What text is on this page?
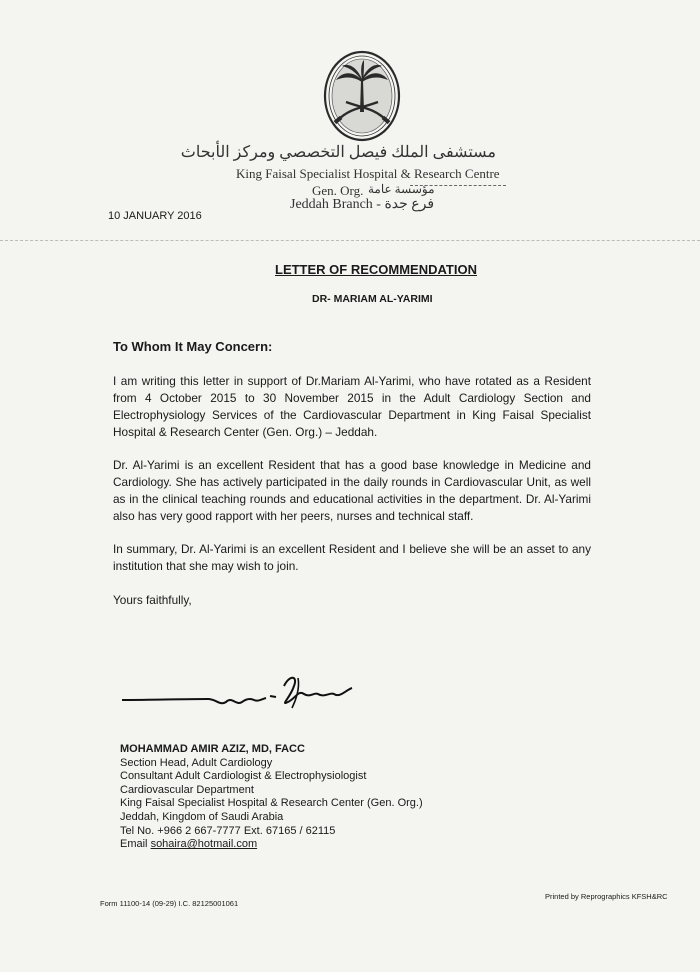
مستشفى الملك فيصل التخصصي ومركز الأبحاث
King Faisal Specialist Hospital & Research Centre
Gen. Org. مؤسسة عامة
Jeddah Branch - فرع جدة
10 JANUARY 2016
LETTER OF RECOMMENDATION
DR- MARIAM AL-YARIMI
To Whom It May Concern:
I am writing this letter in support of Dr.Mariam Al-Yarimi, who have rotated as a Resident from 4 October 2015 to 30 November 2015 in the Adult Cardiology Section and Electrophysiology Services of the Cardiovascular Department in King Faisal Specialist Hospital & Research Center (Gen. Org.) – Jeddah.
Dr. Al-Yarimi is an excellent Resident that has a good base knowledge in Medicine and Cardiology. She has actively participated in the daily rounds in Cardiovascular Unit, as well as in the clinical teaching rounds and educational activities in the department. Dr. Al-Yarimi also has very good rapport with her peers, nurses and technical staff.
In summary, Dr. Al-Yarimi is an excellent Resident and I believe she will be an asset to any institution that she may wish to join.
Yours faithfully,
MOHAMMAD AMIR AZIZ, MD, FACC
Section Head, Adult Cardiology
Consultant Adult Cardiologist & Electrophysiologist
Cardiovascular Department
King Faisal Specialist Hospital & Research Center (Gen. Org.)
Jeddah, Kingdom of Saudi Arabia
Tel No. +966 2 667-7777 Ext. 67165 / 62115
Email sohaira@hotmail.com
Form 11100-14 (09-29) I.C. 82125001061
Printed by Reprographics KFSH&RC
